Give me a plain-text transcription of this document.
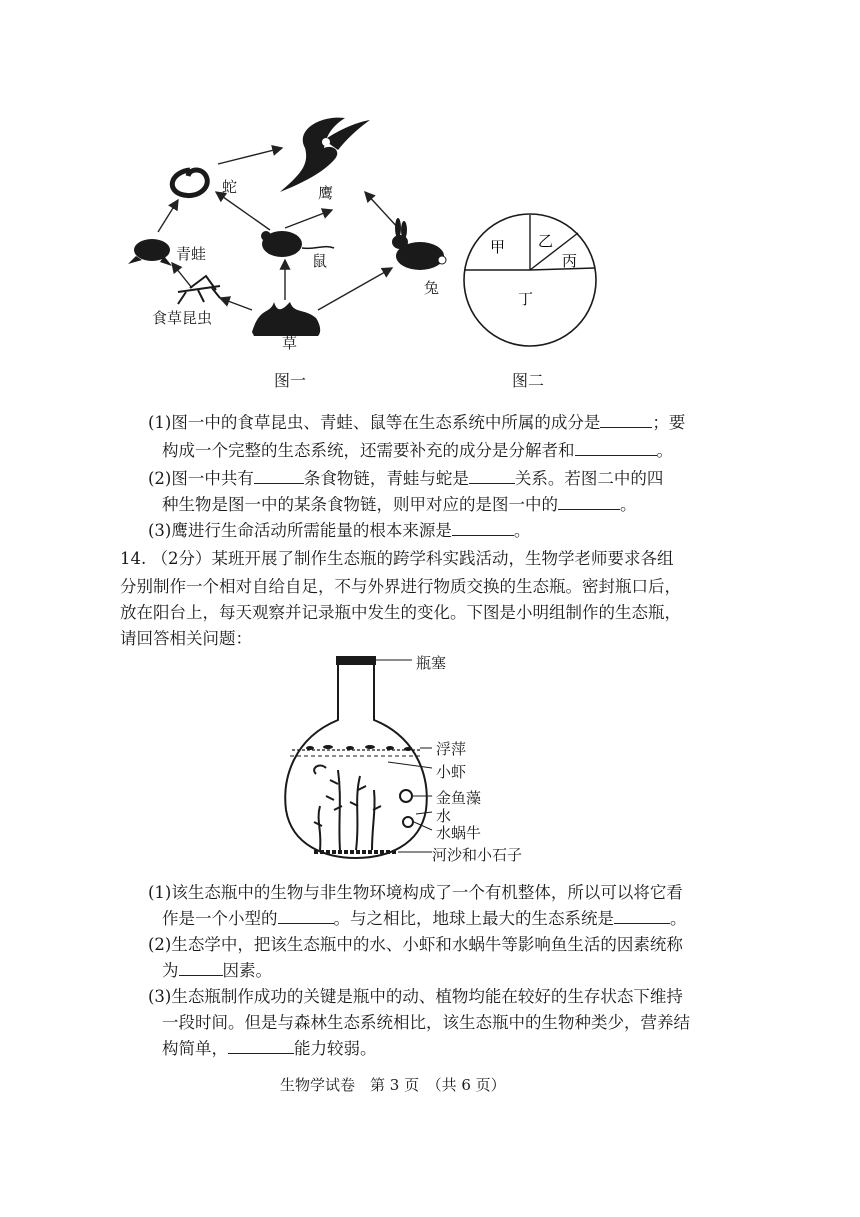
蛇	鹰
青蛙	鼠
兔
食草昆虫
草
图一
甲 乙
丙
丁
图二
(1)图一中的食草昆虫、青蛙、鼠等在生态系统中所属的成分是	；要
构成一个完整的生态系统，还需要补充的成分是分解者和	。
(2)图一中共有	条食物链，青蛙与蛇是	关系。若图二中的四
种生物是图一中的某条食物链，则甲对应的是图一中的	。
(3)鹰进行生命活动所需能量的根本来源是	。
14. （2分）某班开展了制作生态瓶的跨学科实践活动，生物学老师要求各组
分别制作一个相对自给自足，不与外界进行物质交换的生态瓶。密封瓶口后，
放在阳台上，每天观察并记录瓶中发生的变化。下图是小明组制作的生态瓶，
请回答相关问题：
瓶塞
浮萍
小虾
金鱼藻
水
水蜗牛
河沙和小石子
(1)该生态瓶中的生物与非生物环境构成了一个有机整体，所以可以将它看
作是一个小型的	。与之相比，地球上最大的生态系统是	。
(2)生态学中，把该生态瓶中的水、小虾和水蜗牛等影响鱼生活的因素统称
为	因素。
(3)生态瓶制作成功的关键是瓶中的动、植物均能在较好的生存状态下维持
一段时间。但是与森林生态系统相比，该生态瓶中的生物种类少，营养结
构简单，	能力较弱。
生物学试卷　第 3 页　（共 6 页）
